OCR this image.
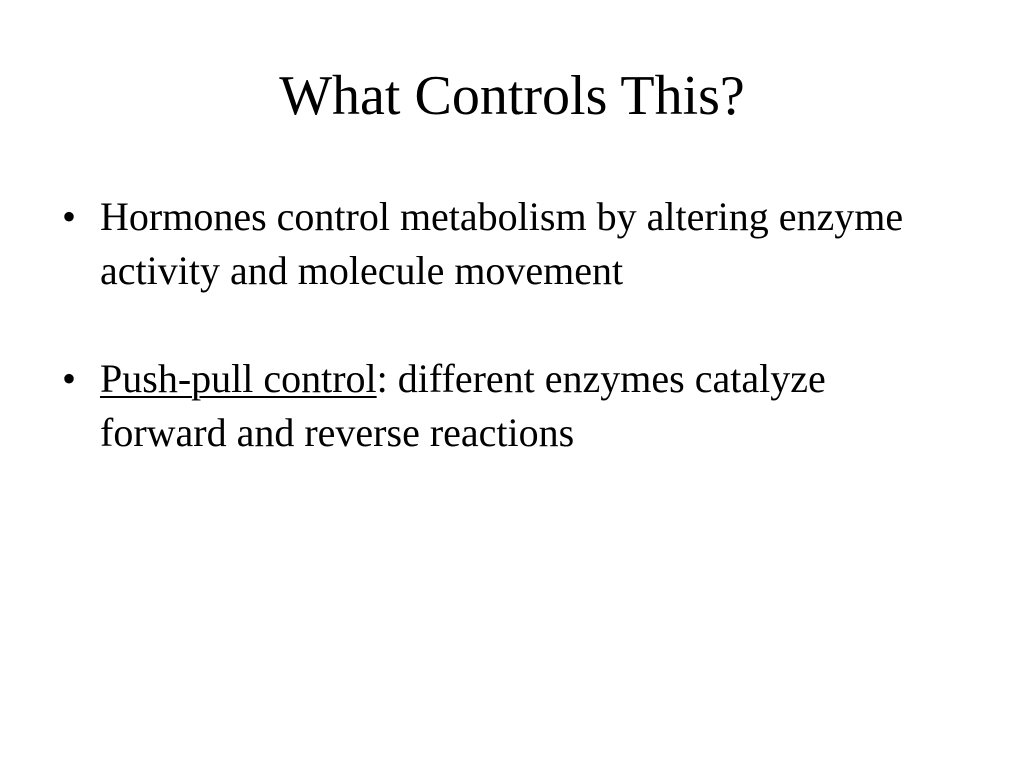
What Controls This?
• Hormones control metabolism by altering enzyme activity and molecule movement
• Push-pull control: different enzymes catalyze forward and reverse reactions
